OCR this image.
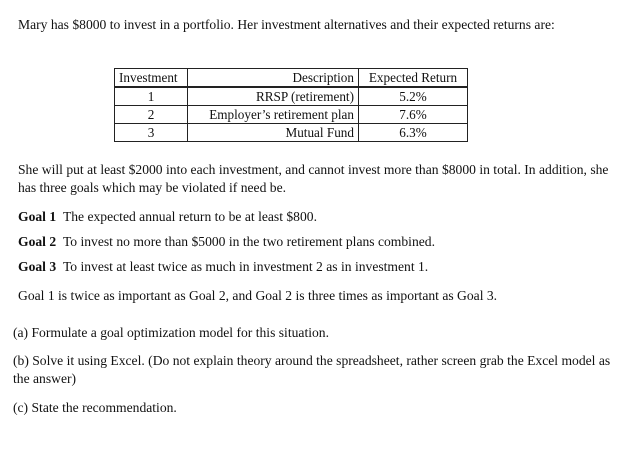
Mary has $8000 to invest in a portfolio. Her investment alternatives and their expected returns are:

Investment	Description	Expected Return
1	RRSP (retirement)	5.2%
2	Employer’s retirement plan	7.6%
3	Mutual Fund	6.3%

She will put at least $2000 into each investment, and cannot invest more than $8000 in total. In addition, she has three goals which may be violated if need be.

Goal 1 The expected annual return to be at least $800.

Goal 2 To invest no more than $5000 in the two retirement plans combined.

Goal 3 To invest at least twice as much in investment 2 as in investment 1.

Goal 1 is twice as important as Goal 2, and Goal 2 is three times as important as Goal 3.

(a) Formulate a goal optimization model for this situation.

(b) Solve it using Excel. (Do not explain theory around the spreadsheet, rather screen grab the Excel model as the answer)

(c) State the recommendation.
